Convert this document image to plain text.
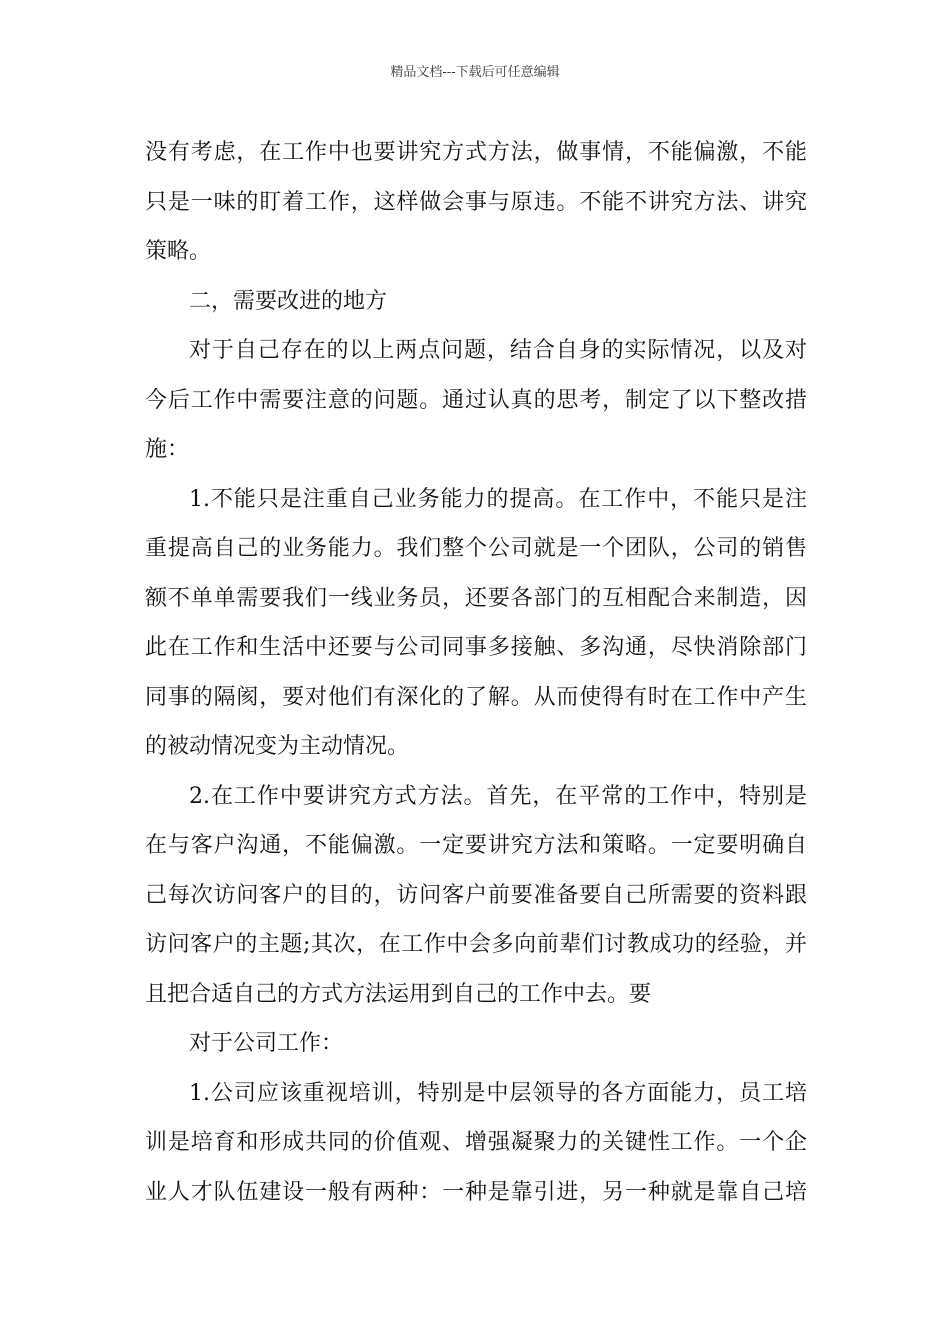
精品文档---下载后可任意编辑
没有考虑，在工作中也要讲究方式方法，做事情，不能偏激，不能
只是一味的盯着工作，这样做会事与原违。不能不讲究方法、讲究
策略。
二，需要改进的地方
对于自己存在的以上两点问题，结合自身的实际情况，以及对
今后工作中需要注意的问题。通过认真的思考，制定了以下整改措
施：
1.不能只是注重自己业务能力的提高。在工作中，不能只是注
重提高自己的业务能力。我们整个公司就是一个团队，公司的销售
额不单单需要我们一线业务员，还要各部门的互相配合来制造，因
此在工作和生活中还要与公司同事多接触、多沟通，尽快消除部门
同事的隔阂，要对他们有深化的了解。从而使得有时在工作中产生
的被动情况变为主动情况。
2.在工作中要讲究方式方法。首先，在平常的工作中，特别是
在与客户沟通，不能偏激。一定要讲究方法和策略。一定要明确自
己每次访问客户的目的，访问客户前要准备要自己所需要的资料跟
访问客户的主题;其次，在工作中会多向前辈们讨教成功的经验，并
且把合适自己的方式方法运用到自己的工作中去。要
对于公司工作：
1.公司应该重视培训，特别是中层领导的各方面能力，员工培
训是培育和形成共同的价值观、增强凝聚力的关键性工作。一个企
业人才队伍建设一般有两种：一种是靠引进，另一种就是靠自己培
